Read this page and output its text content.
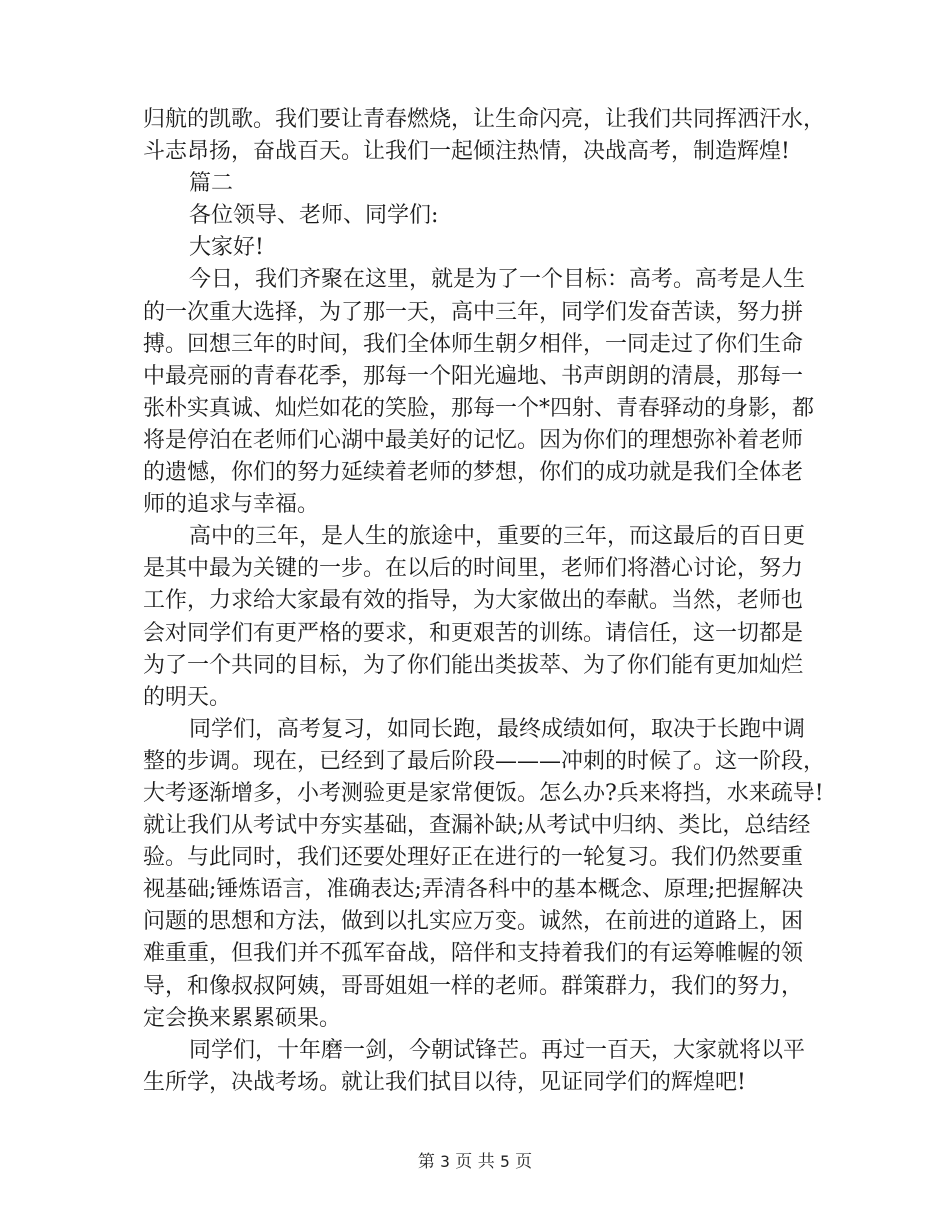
归航的凯歌。我们要让青春燃烧，让生命闪亮，让我们共同挥洒汗水，
斗志昂扬，奋战百天。让我们一起倾注热情，决战高考，制造辉煌!
篇二
各位领导、老师、同学们:
大家好!
今日，我们齐聚在这里，就是为了一个目标：高考。高考是人生
的一次重大选择，为了那一天，高中三年，同学们发奋苦读，努力拼
搏。回想三年的时间，我们全体师生朝夕相伴，一同走过了你们生命
中最亮丽的青春花季，那每一个阳光遍地、书声朗朗的清晨，那每一
张朴实真诚、灿烂如花的笑脸，那每一个*四射、青春驿动的身影，都
将是停泊在老师们心湖中最美好的记忆。因为你们的理想弥补着老师
的遗憾，你们的努力延续着老师的梦想，你们的成功就是我们全体老
师的追求与幸福。
高中的三年，是人生的旅途中，重要的三年，而这最后的百日更
是其中最为关键的一步。在以后的时间里，老师们将潜心讨论，努力
工作，力求给大家最有效的指导，为大家做出的奉献。当然，老师也
会对同学们有更严格的要求，和更艰苦的训练。请信任，这一切都是
为了一个共同的目标，为了你们能出类拔萃、为了你们能有更加灿烂
的明天。
同学们，高考复习，如同长跑，最终成绩如何，取决于长跑中调
整的步调。现在，已经到了最后阶段———冲刺的时候了。这一阶段，
大考逐渐增多，小考测验更是家常便饭。怎么办?兵来将挡，水来疏导!
就让我们从考试中夯实基础，查漏补缺;从考试中归纳、类比，总结经
验。与此同时，我们还要处理好正在进行的一轮复习。我们仍然要重
视基础;锤炼语言，准确表达;弄清各科中的基本概念、原理;把握解决
问题的思想和方法，做到以扎实应万变。诚然，在前进的道路上，困
难重重，但我们并不孤军奋战，陪伴和支持着我们的有运筹帷幄的领
导，和像叔叔阿姨，哥哥姐姐一样的老师。群策群力，我们的努力，
定会换来累累硕果。
同学们，十年磨一剑，今朝试锋芒。再过一百天，大家就将以平
生所学，决战考场。就让我们拭目以待，见证同学们的辉煌吧!
第 3 页 共 5 页
